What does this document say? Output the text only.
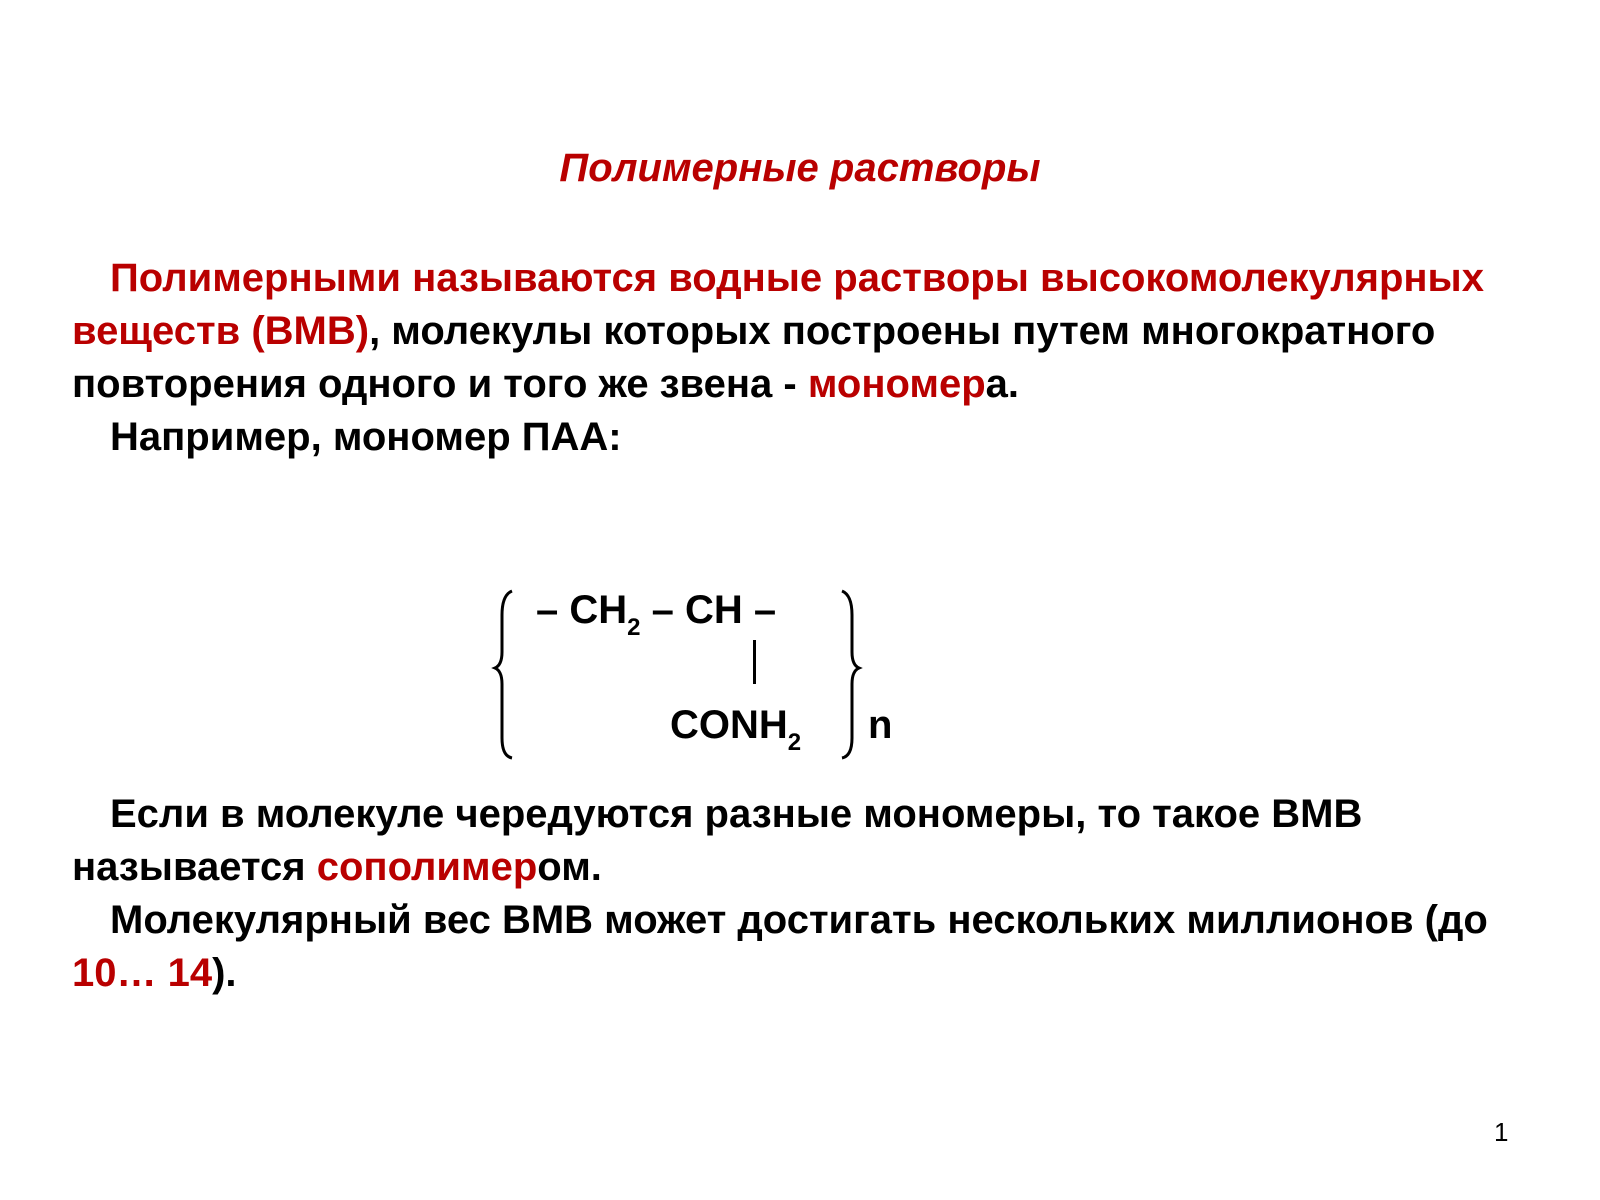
Полимерные растворы
Полимерными называются водные растворы высокомолекулярных веществ (ВМВ), молекулы которых построены путем многократного повторения одного и того же звена - мономера.
Например, мономер ПАА:
– $CH_2$ – CH –
$CONH_2$ n
Если в молекуле чередуются разные мономеры, то такое ВМВ называется сополимером.
Молекулярный вес ВМВ может достигать нескольких миллионов (до 10… 14).
1
